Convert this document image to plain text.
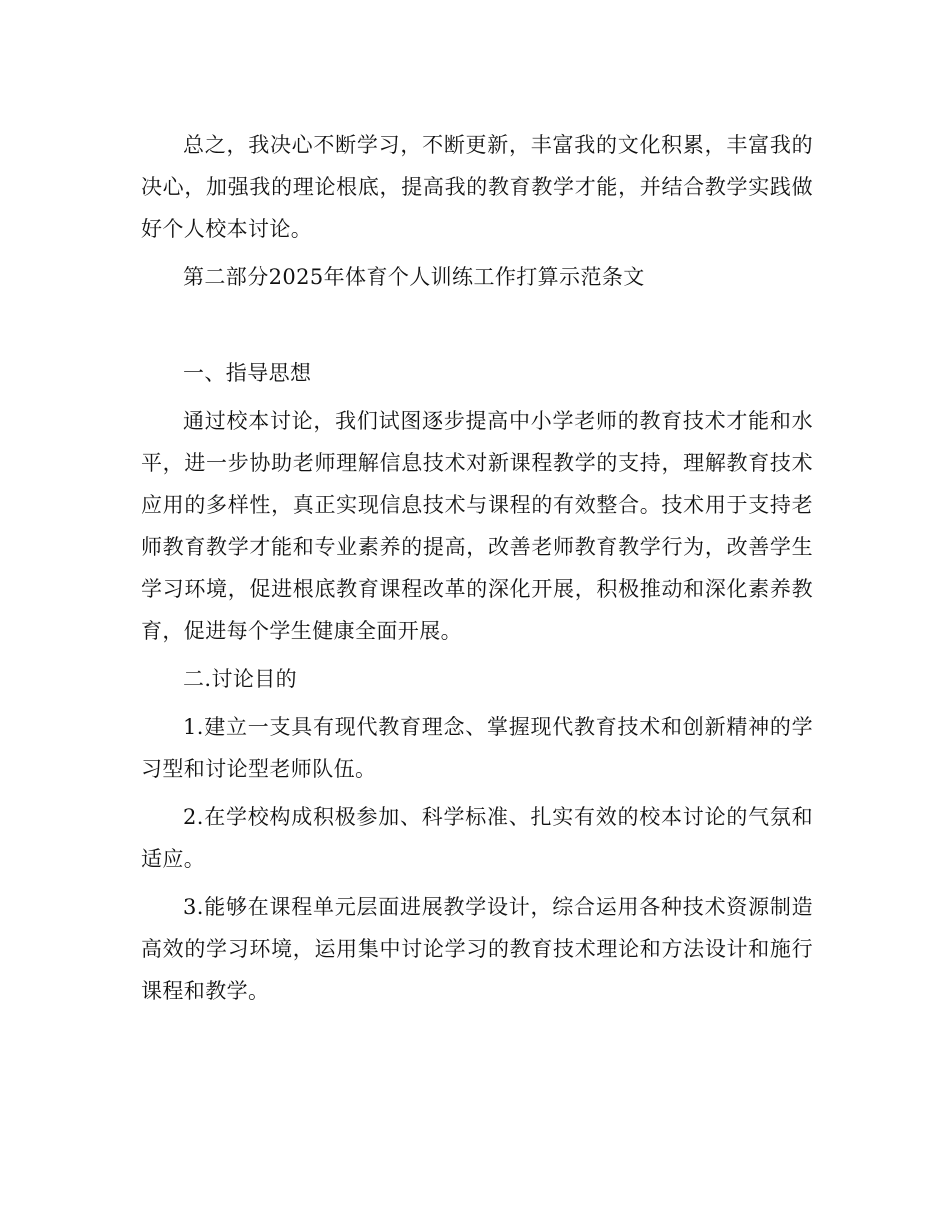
总之，我决心不断学习，不断更新，丰富我的文化积累，丰富我的决心，加强我的理论根底，提高我的教育教学才能，并结合教学实践做好个人校本讨论。

第二部分2025年体育个人训练工作打算示范条文

一、指导思想

通过校本讨论，我们试图逐步提高中小学老师的教育技术才能和水平，进一步协助老师理解信息技术对新课程教学的支持，理解教育技术应用的多样性，真正实现信息技术与课程的有效整合。技术用于支持老师教育教学才能和专业素养的提高，改善老师教育教学行为，改善学生学习环境，促进根底教育课程改革的深化开展，积极推动和深化素养教育，促进每个学生健康全面开展。

二.讨论目的

1.建立一支具有现代教育理念、掌握现代教育技术和创新精神的学习型和讨论型老师队伍。

2.在学校构成积极参加、科学标准、扎实有效的校本讨论的气氛和适应。

3.能够在课程单元层面进展教学设计，综合运用各种技术资源制造高效的学习环境，运用集中讨论学习的教育技术理论和方法设计和施行课程和教学。
